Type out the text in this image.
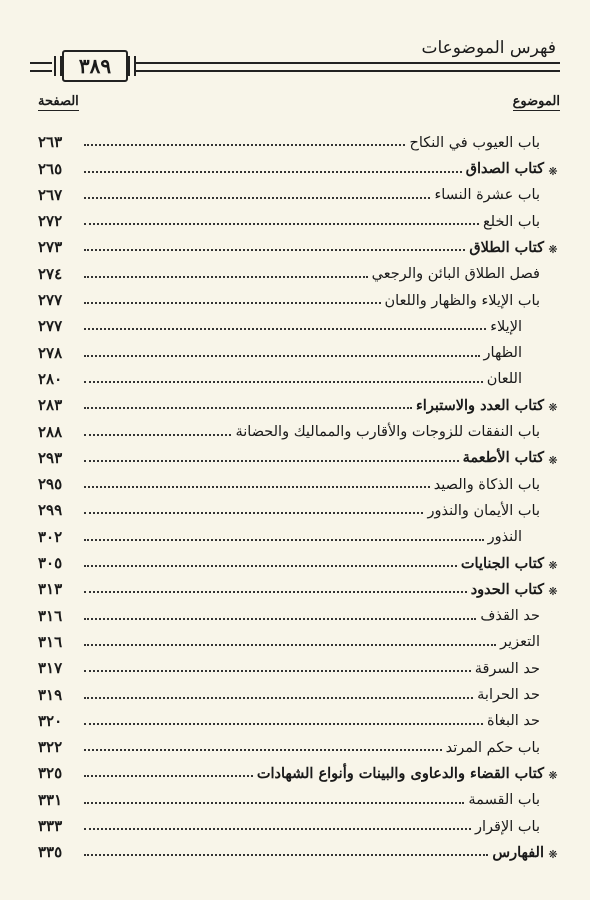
٣٨٩
فهرس الموضوعات
الموضوع
الصفحة
باب العيوب في النكاح
٢٦٣
❋
كتاب الصداق
٢٦٥
باب عشرة النساء
٢٦٧
باب الخلع
٢٧٢
❋
كتاب الطلاق
٢٧٣
فصل الطلاق البائن والرجعي
٢٧٤
باب الإيلاء والظهار واللعان
٢٧٧
الإيلاء
٢٧٧
الظهار
٢٧٨
اللعان
٢٨٠
❋
كتاب العدد والاستبراء
٢٨٣
باب النفقات للزوجات والأقارب والمماليك والحضانة
٢٨٨
❋
كتاب الأطعمة
٢٩٣
باب الذكاة والصيد
٢٩٥
باب الأيمان والنذور
٢٩٩
النذور
٣٠٢
❋
كتاب الجنايات
٣٠٥
❋
كتاب الحدود
٣١٣
حد القذف
٣١٦
التعزير
٣١٦
حد السرقة
٣١٧
حد الحرابة
٣١٩
حد البغاة
٣٢٠
باب حكم المرتد
٣٢٢
❋
كتاب القضاء والدعاوى والبينات وأنواع الشهادات
٣٢٥
باب القسمة
٣٣١
باب الإقرار
٣٣٣
❋
الفهارس
٣٣٥
